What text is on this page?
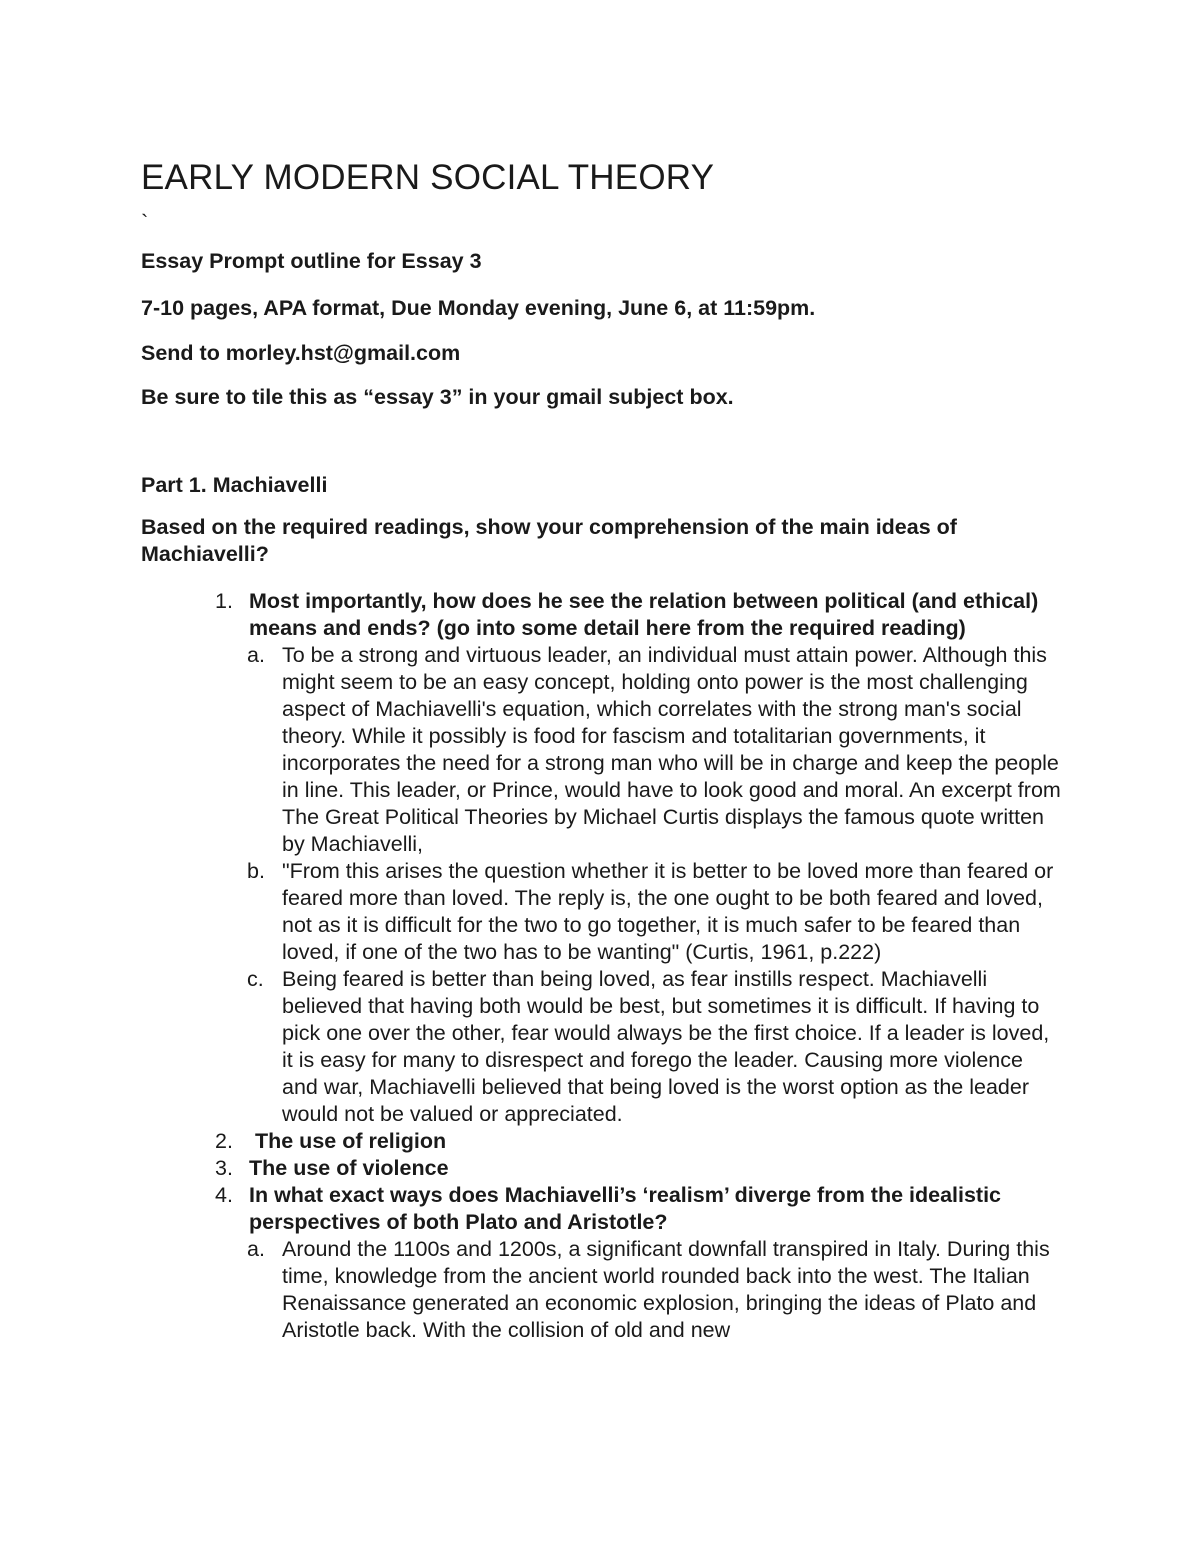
EARLY MODERN SOCIAL THEORY
`

Essay Prompt outline for Essay 3

7-10 pages, APA format, Due Monday evening, June 6, at 11:59pm.

Send to morley.hst@gmail.com

Be sure to tile this as “essay 3” in your gmail subject box.

Part 1. Machiavelli

Based on the required readings, show your comprehension of the main ideas of Machiavelli?

1. Most importantly, how does he see the relation between political (and ethical) means and ends? (go into some detail here from the required reading)
a. To be a strong and virtuous leader, an individual must attain power. Although this might seem to be an easy concept, holding onto power is the most challenging aspect of Machiavelli's equation, which correlates with the strong man's social theory. While it possibly is food for fascism and totalitarian governments, it incorporates the need for a strong man who will be in charge and keep the people in line. This leader, or Prince, would have to look good and moral. An excerpt from The Great Political Theories by Michael Curtis displays the famous quote written by Machiavelli,
b. "From this arises the question whether it is better to be loved more than feared or feared more than loved. The reply is, the one ought to be both feared and loved, not as it is difficult for the two to go together, it is much safer to be feared than loved, if one of the two has to be wanting" (Curtis, 1961, p.222)
c. Being feared is better than being loved, as fear instills respect. Machiavelli believed that having both would be best, but sometimes it is difficult. If having to pick one over the other, fear would always be the first choice. If a leader is loved, it is easy for many to disrespect and forego the leader. Causing more violence and war, Machiavelli believed that being loved is the worst option as the leader would not be valued or appreciated.
2. The use of religion
3. The use of violence
4. In what exact ways does Machiavelli’s ‘realism’ diverge from the idealistic perspectives of both Plato and Aristotle?
a. Around the 1100s and 1200s, a significant downfall transpired in Italy. During this time, knowledge from the ancient world rounded back into the west. The Italian Renaissance generated an economic explosion, bringing the ideas of Plato and Aristotle back. With the collision of old and new
